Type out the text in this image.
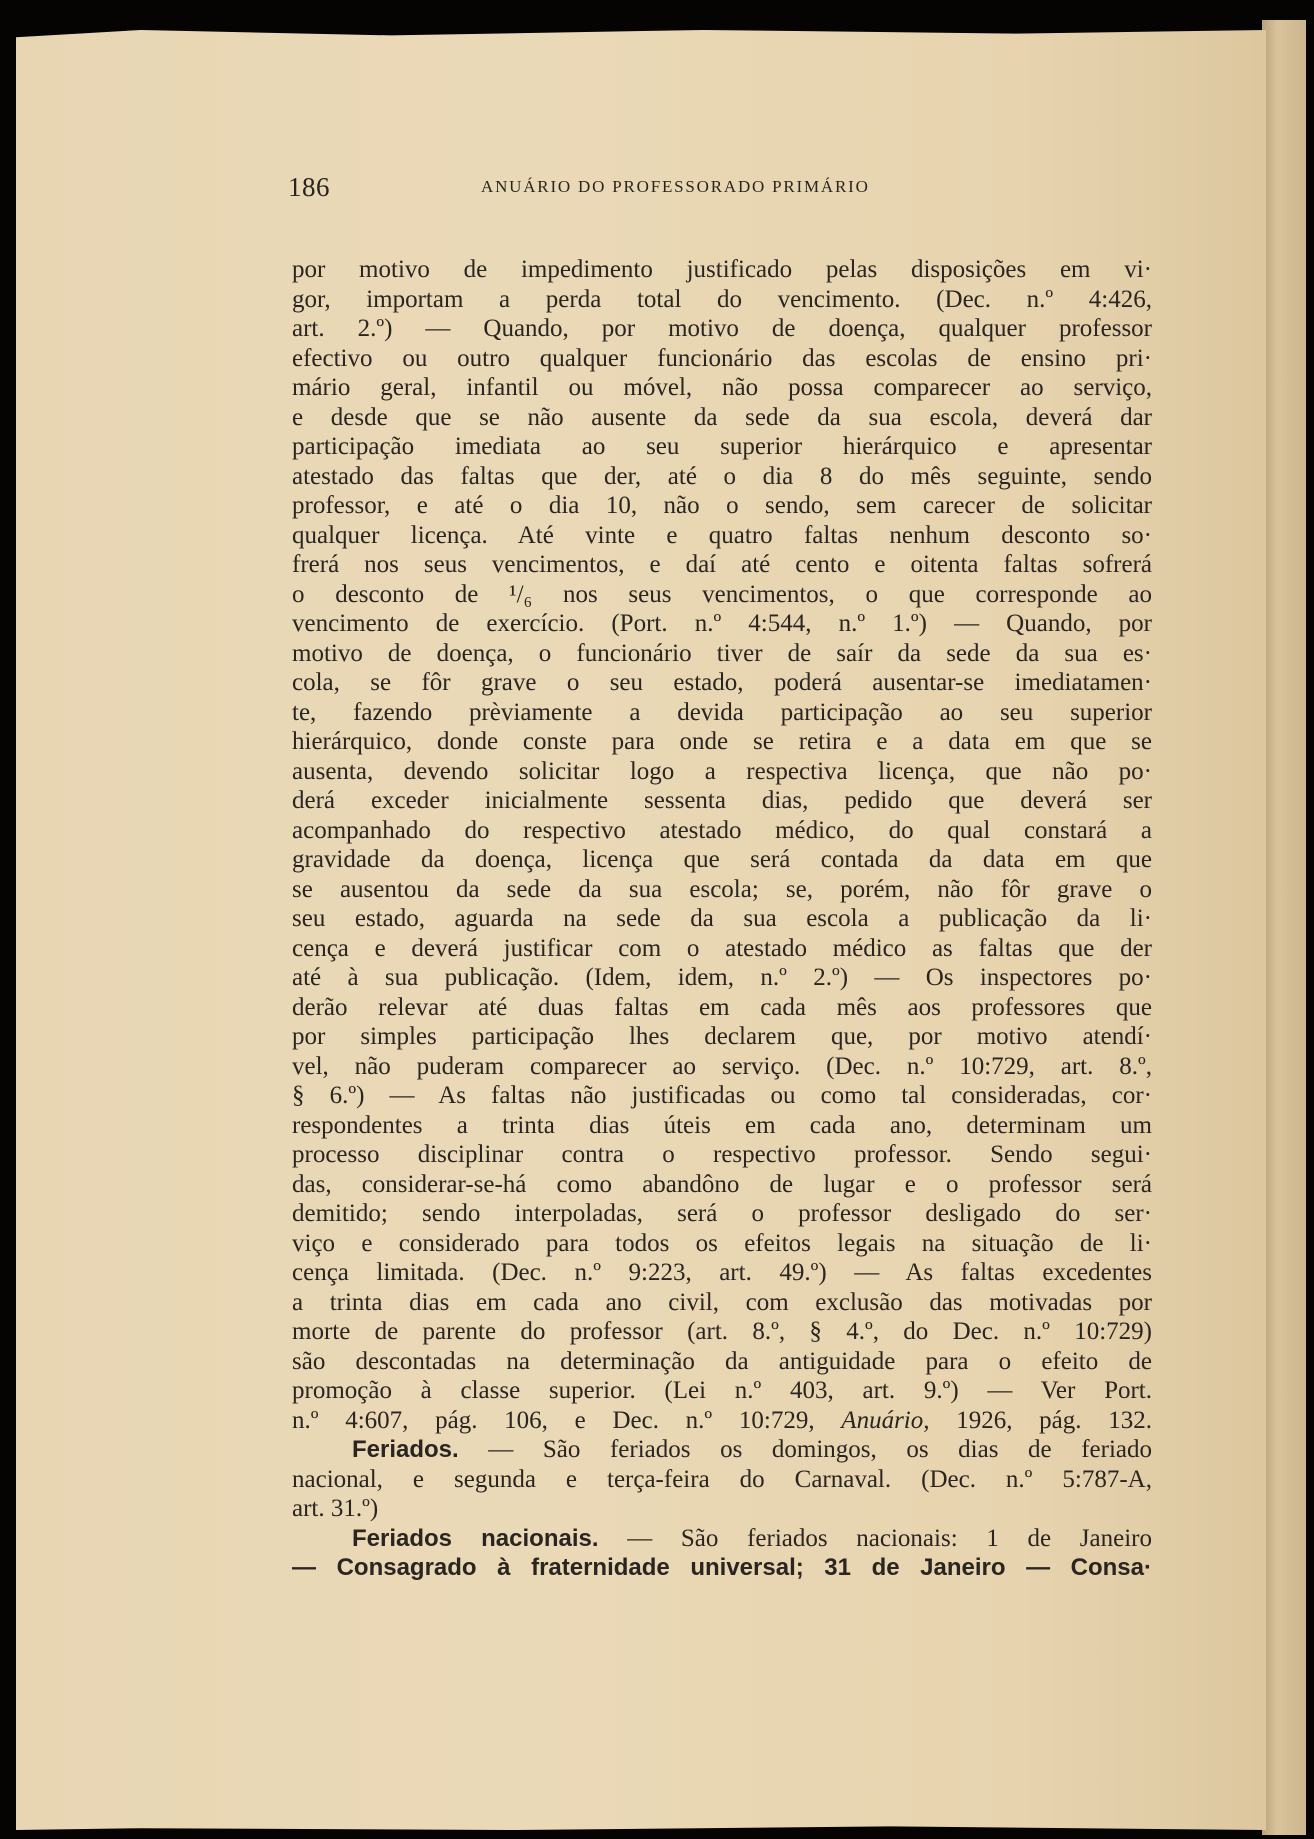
186	ANUÁRIO DO PROFESSORADO PRIMÁRIO
por motivo de impedimento justificado pelas disposições em vi·
gor, importam a perda total do vencimento. (Dec. n.º 4:426,
art. 2.º) — Quando, por motivo de doença, qualquer professor
efectivo ou outro qualquer funcionário das escolas de ensino pri·
mário geral, infantil ou móvel, não possa comparecer ao serviço,
e desde que se não ausente da sede da sua escola, deverá dar
participação imediata ao seu superior hierárquico e apresentar
atestado das faltas que der, até o dia 8 do mês seguinte, sendo
professor, e até o dia 10, não o sendo, sem carecer de solicitar
qualquer licença. Até vinte e quatro faltas nenhum desconto so·
frerá nos seus vencimentos, e daí até cento e oitenta faltas sofrerá
o desconto de ¹/₆ nos seus vencimentos, o que corresponde ao
vencimento de exercício. (Port. n.º 4:544, n.º 1.º) — Quando, por
motivo de doença, o funcionário tiver de saír da sede da sua es·
cola, se fôr grave o seu estado, poderá ausentar-se imediatamen·
te, fazendo prèviamente a devida participação ao seu superior
hierárquico, donde conste para onde se retira e a data em que se
ausenta, devendo solicitar logo a respectiva licença, que não po·
derá exceder inicialmente sessenta dias, pedido que deverá ser
acompanhado do respectivo atestado médico, do qual constará a
gravidade da doença, licença que será contada da data em que
se ausentou da sede da sua escola; se, porém, não fôr grave o
seu estado, aguarda na sede da sua escola a publicação da li·
cença e deverá justificar com o atestado médico as faltas que der
até à sua publicação. (Idem, idem, n.º 2.º) — Os inspectores po·
derão relevar até duas faltas em cada mês aos professores que
por simples participação lhes declarem que, por motivo atendí·
vel, não puderam comparecer ao serviço. (Dec. n.º 10:729, art. 8.º,
§ 6.º) — As faltas não justificadas ou como tal consideradas, cor·
respondentes a trinta dias úteis em cada ano, determinam um
processo disciplinar contra o respectivo professor. Sendo segui·
das, considerar-se-há como abandôno de lugar e o professor será
demitido; sendo interpoladas, será o professor desligado do ser·
viço e considerado para todos os efeitos legais na situação de li·
cença limitada. (Dec. n.º 9:223, art. 49.º) — As faltas excedentes
a trinta dias em cada ano civil, com exclusão das motivadas por
morte de parente do professor (art. 8.º, § 4.º, do Dec. n.º 10:729)
são descontadas na determinação da antiguidade para o efeito de
promoção à classe superior. (Lei n.º 403, art. 9.º) — Ver Port.
n.º 4:607, pág. 106, e Dec. n.º 10:729, Anuário, 1926, pág. 132.
Feriados. — São feriados os domingos, os dias de feriado
nacional, e segunda e terça-feira do Carnaval. (Dec. n.º 5:787-A,
art. 31.º)
Feriados nacionais. — São feriados nacionais: 1 de Janeiro
— Consagrado à fraternidade universal; 31 de Janeiro — Consa·
